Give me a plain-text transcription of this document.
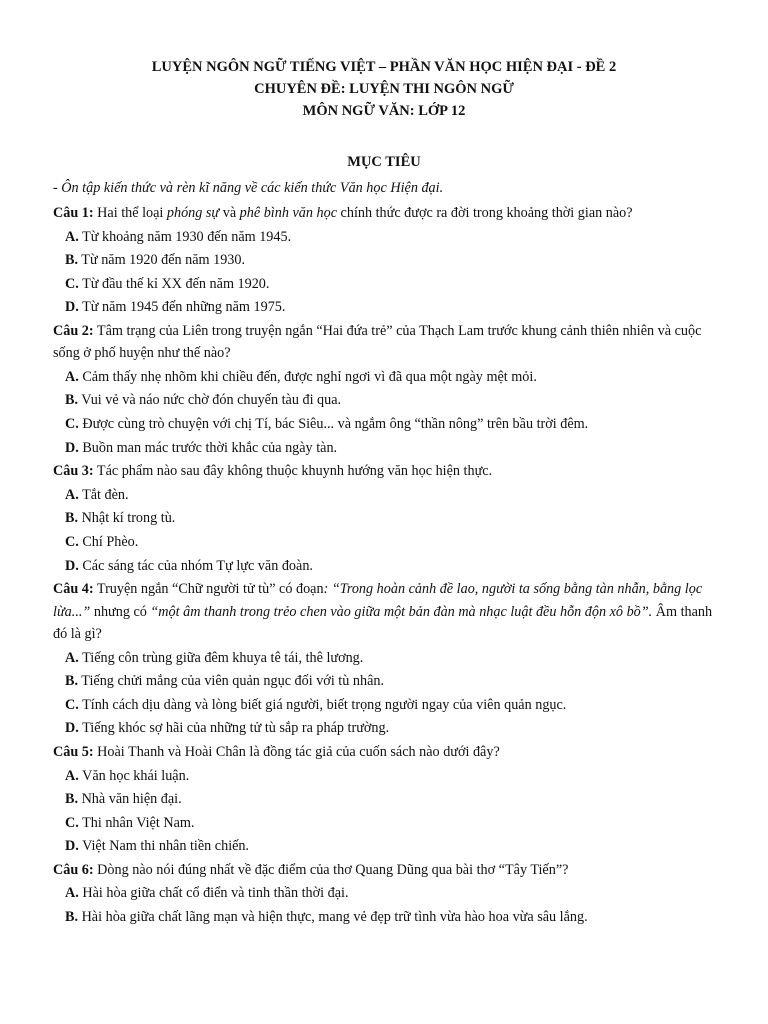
LUYỆN NGÔN NGỮ TIẾNG VIỆT – PHẦN VĂN HỌC HIỆN ĐẠI - ĐỀ 2
CHUYÊN ĐỀ: LUYỆN THI NGÔN NGỮ
MÔN NGỮ VĂN: LỚP 12
MỤC TIÊU
- Ôn tập kiến thức và rèn kĩ năng về các kiến thức Văn học Hiện đại.

Câu 1: Hai thể loại phóng sự và phê bình văn học chính thức được ra đời trong khoảng thời gian nào?

A. Từ khoảng năm 1930 đến năm 1945.

B. Từ năm 1920 đến năm 1930.

C. Từ đầu thế kỉ XX đến năm 1920.

D. Từ năm 1945 đến những năm 1975.

Câu 2: Tâm trạng của Liên trong truyện ngắn “Hai đứa trẻ” của Thạch Lam trước khung cảnh thiên nhiên và cuộc sống ở phố huyện như thế nào?

A. Cảm thấy nhẹ nhõm khi chiều đến, được nghỉ ngơi vì đã qua một ngày mệt mỏi.

B. Vui vẻ và náo nức chờ đón chuyến tàu đi qua.

C. Được cùng trò chuyện với chị Tí, bác Siêu... và ngắm ông “thần nông” trên bầu trời đêm.

D. Buồn man mác trước thời khắc của ngày tàn.

Câu 3: Tác phẩm nào sau đây không thuộc khuynh hướng văn học hiện thực.

A. Tắt đèn.

B. Nhật kí trong tù.

C. Chí Phèo.

D. Các sáng tác của nhóm Tự lực văn đoàn.

Câu 4: Truyện ngắn “Chữ người tử tù” có đoạn: “Trong hoàn cảnh đề lao, người ta sống bằng tàn nhẫn, bằng lọc lừa...” nhưng có “một âm thanh trong trẻo chen vào giữa một bản đàn mà nhạc luật đều hỗn độn xô bồ”. Âm thanh đó là gì?

A. Tiếng côn trùng giữa đêm khuya tê tái, thê lương.

B. Tiếng chửi mắng của viên quản ngục đối với tù nhân.

C. Tính cách dịu dàng và lòng biết giá người, biết trọng người ngay của viên quản ngục.

D. Tiếng khóc sợ hãi của những tử tù sắp ra pháp trường.

Câu 5: Hoài Thanh và Hoài Chân là đồng tác giả của cuốn sách nào dưới đây?

A. Văn học khái luận.

B. Nhà văn hiện đại.

C. Thi nhân Việt Nam.

D. Việt Nam thi nhân tiền chiến.

Câu 6: Dòng nào nói đúng nhất về đặc điểm của thơ Quang Dũng qua bài thơ “Tây Tiến”?

A. Hài hòa giữa chất cổ điển và tinh thần thời đại.

B. Hài hòa giữa chất lãng mạn và hiện thực, mang vẻ đẹp trữ tình vừa hào hoa vừa sâu lắng.
